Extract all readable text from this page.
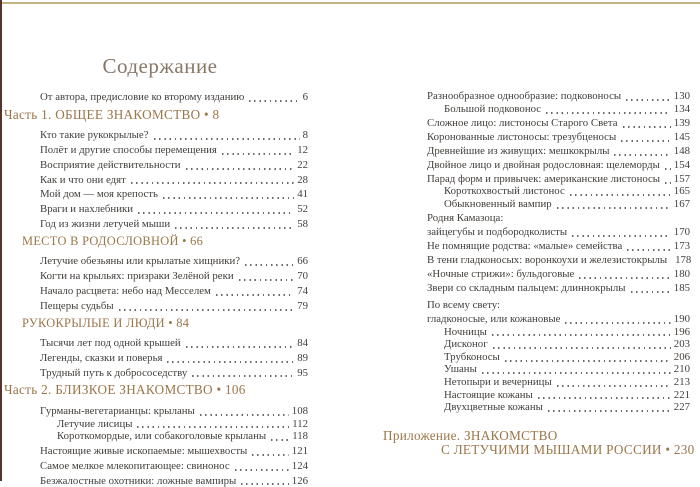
Содержание
От автора, предисловие ко второму изданию	6
Часть 1. ОБЩЕЕ ЗНАКОМСТВО • 8
Кто такие рукокрылые?	8
Полёт и другие способы перемещения	12
Восприятие действительности	22
Как и что они едят	28
Мой дом — моя крепость	41
Враги и нахлебники	52
Год из жизни летучей мыши	58
МЕСТО В РОДОСЛОВНОЙ • 66
Летучие обезьяны или крылатые хищники?	66
Когти на крыльях: призраки Зелёной реки	70
Начало расцвета: небо над Месселем	74
Пещеры судьбы	79
РУКОКРЫЛЫЕ И ЛЮДИ • 84
Тысячи лет под одной крышей	84
Легенды, сказки и поверья	89
Трудный путь к добрососедству	95
Часть 2. БЛИЗКОЕ ЗНАКОМСТВО • 106
Гурманы-вегетарианцы: крыланы	108
Летучие лисицы	112
Короткомордые, или собакоголовые крыланы 118
Настоящие живые ископаемые: мышехвосты	121
Самое мелкое млекопитающее: свинонос	124
Безжалостные охотники: ложные вампиры	126
Разнообразное однообразие: подковоносы	130
Большой подковонос	134
Сложное лицо: листоносы Старого Света	139
Коронованные листоносы: трезубценосы	145
Древнейшие из живущих: мешкокрылы	148
Двойное лицо и двойная родословная: щелеморды 154
Парад форм и привычек: американские листоносы 157
Короткохвостый листонос	165
Обыкновенный вампир	167
Родня Камазоца:
зайцегубы и подбородколисты	170
Не помнящие родства: «малые» семейства	173
В тени гладконосых: воронкоухи и железистокрылы 178
«Ночные стрижи»: бульдоговые	180
Звери со складным пальцем: длиннокрылы	185
По всему свету:
гладконосые, или кожановые	190
Ночницы	196
Дисконог	203
Трубконосы	206
Ушаны	210
Нетопыри и вечерницы	213
Настоящие кожаны	221
Двухцветные кожаны	227
Приложение. ЗНАКОМСТВО
С ЛЕТУЧИМИ МЫШАМИ РОССИИ • 230
